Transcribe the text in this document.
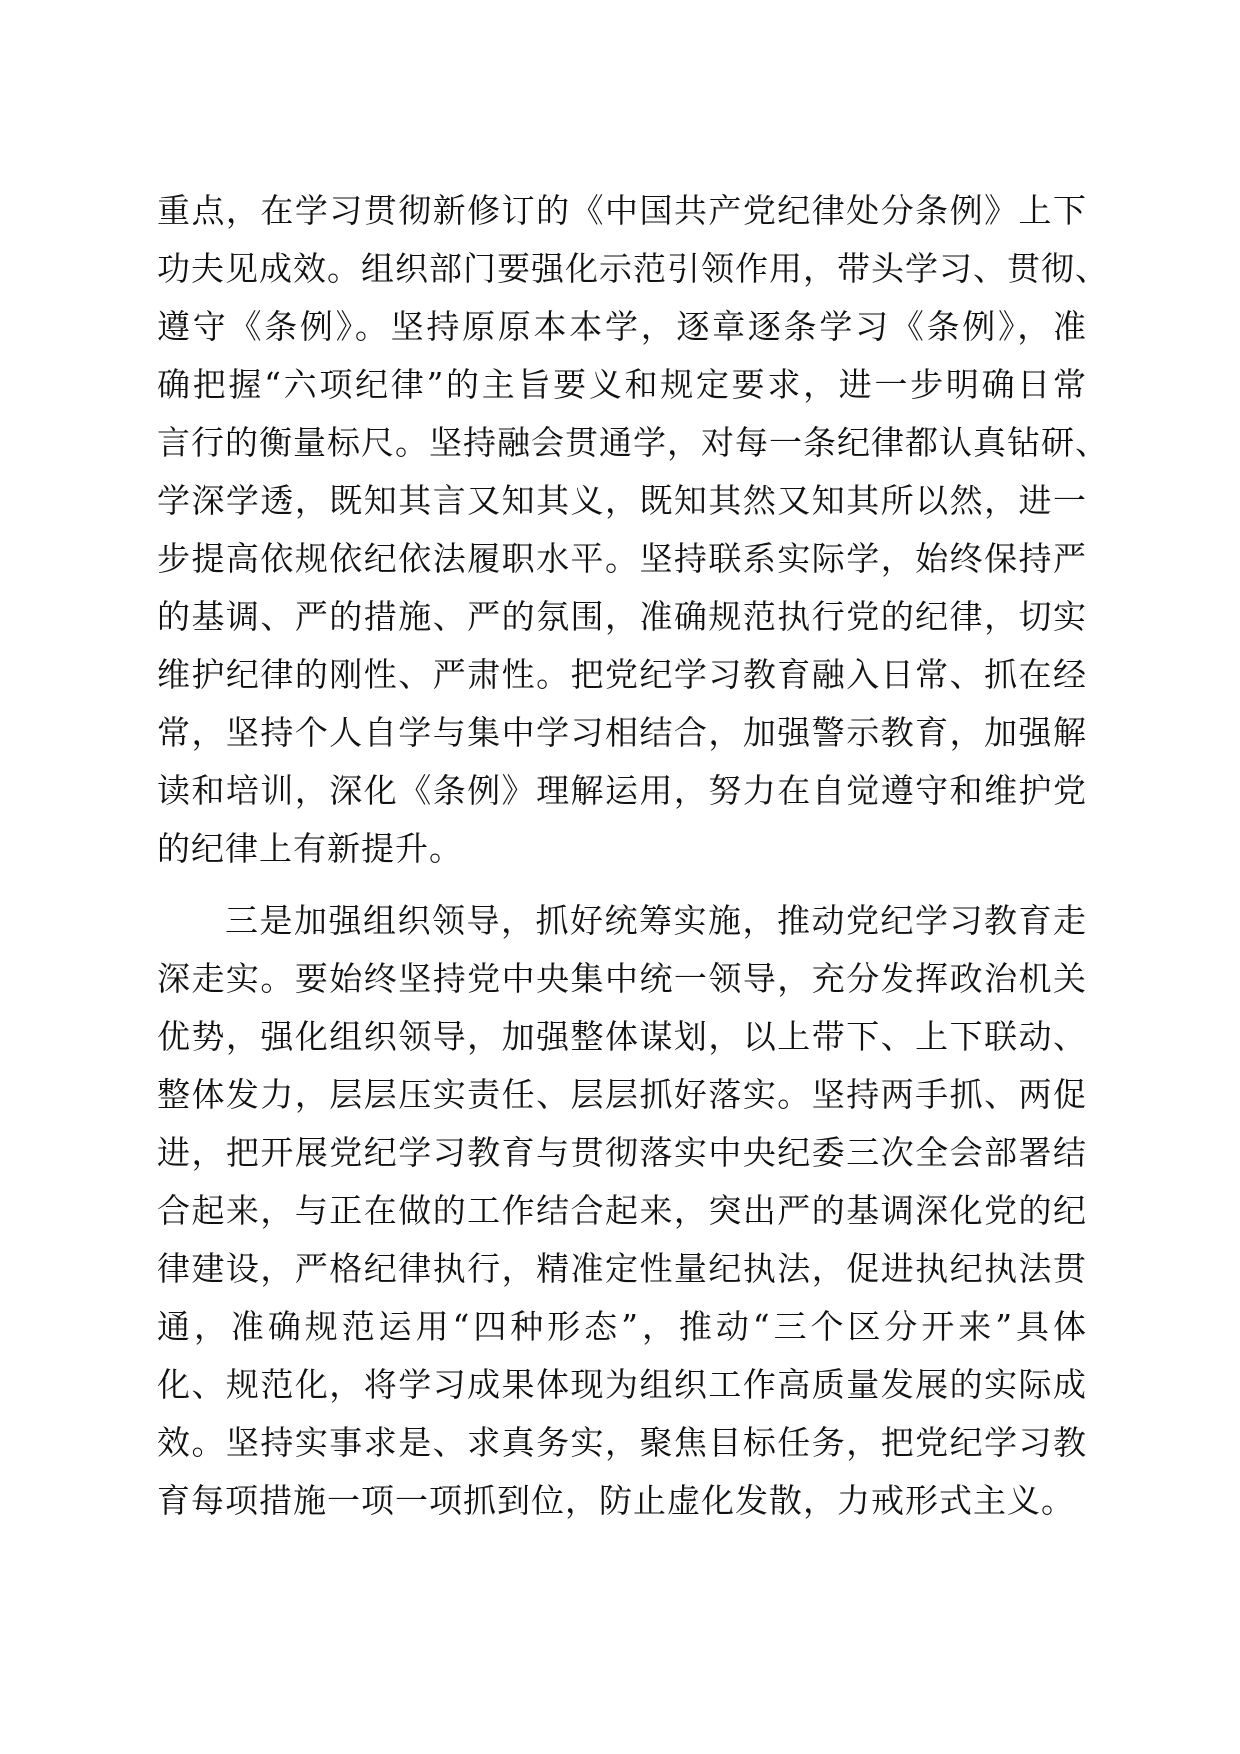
重点，在学习贯彻新修订的《中国共产党纪律处分条例》上下
功夫见成效。组织部门要强化示范引领作用，带头学习、贯彻、
遵守《条例》。坚持原原本本学，逐章逐条学习《条例》，准
确把握“六项纪律”的主旨要义和规定要求，进一步明确日常
言行的衡量标尺。坚持融会贯通学，对每一条纪律都认真钻研、
学深学透，既知其言又知其义，既知其然又知其所以然，进一
步提高依规依纪依法履职水平。坚持联系实际学，始终保持严
的基调、严的措施、严的氛围，准确规范执行党的纪律，切实
维护纪律的刚性、严肃性。把党纪学习教育融入日常、抓在经
常，坚持个人自学与集中学习相结合，加强警示教育，加强解
读和培训，深化《条例》理解运用，努力在自觉遵守和维护党
的纪律上有新提升。
三是加强组织领导，抓好统筹实施，推动党纪学习教育走
深走实。要始终坚持党中央集中统一领导，充分发挥政治机关
优势，强化组织领导，加强整体谋划，以上带下、上下联动、
整体发力，层层压实责任、层层抓好落实。坚持两手抓、两促
进，把开展党纪学习教育与贯彻落实中央纪委三次全会部署结
合起来，与正在做的工作结合起来，突出严的基调深化党的纪
律建设，严格纪律执行，精准定性量纪执法，促进执纪执法贯
通，准确规范运用“四种形态”，推动“三个区分开来”具体
化、规范化，将学习成果体现为组织工作高质量发展的实际成
效。坚持实事求是、求真务实，聚焦目标任务，把党纪学习教
育每项措施一项一项抓到位，防止虚化发散，力戒形式主义。
